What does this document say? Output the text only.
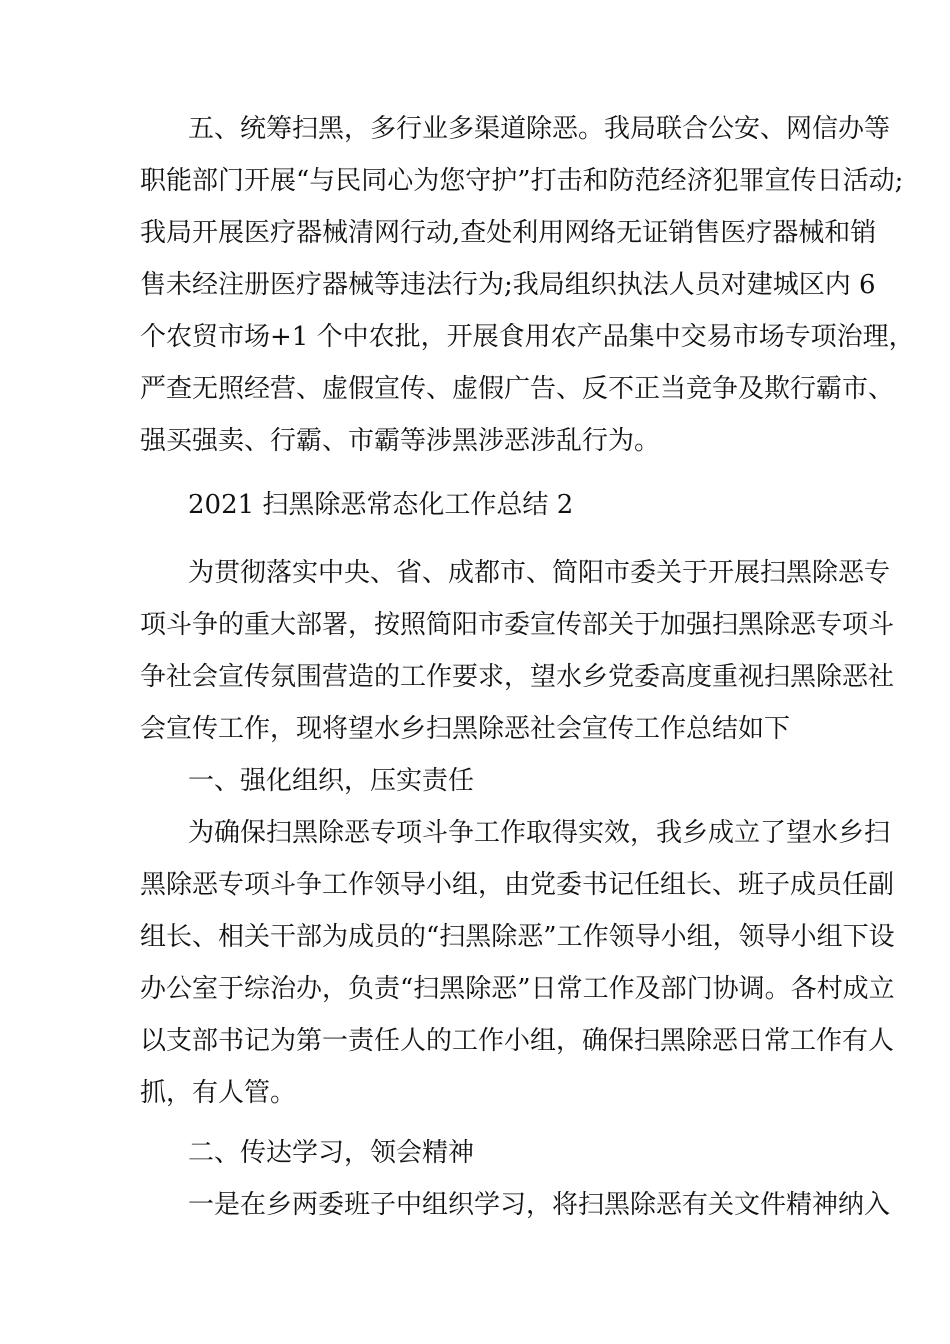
五、统筹扫黑，多行业多渠道除恶。我局联合公安、网信办等
职能部门开展“与民同心为您守护”打击和防范经济犯罪宣传日活动;
我局开展医疗器械清网行动,查处利用网络无证销售医疗器械和销
售未经注册医疗器械等违法行为;我局组织执法人员对建城区内 6
个农贸市场+1 个中农批，开展食用农产品集中交易市场专项治理，
严查无照经营、虚假宣传、虚假广告、反不正当竞争及欺行霸市、
强买强卖、行霸、市霸等涉黑涉恶涉乱行为。
2021 扫黑除恶常态化工作总结 2
为贯彻落实中央、省、成都市、简阳市委关于开展扫黑除恶专
项斗争的重大部署，按照简阳市委宣传部关于加强扫黑除恶专项斗
争社会宣传氛围营造的工作要求，望水乡党委高度重视扫黑除恶社
会宣传工作，现将望水乡扫黑除恶社会宣传工作总结如下
一、强化组织，压实责任
为确保扫黑除恶专项斗争工作取得实效，我乡成立了望水乡扫
黑除恶专项斗争工作领导小组，由党委书记任组长、班子成员任副
组长、相关干部为成员的“扫黑除恶”工作领导小组，领导小组下设
办公室于综治办，负责“扫黑除恶”日常工作及部门协调。各村成立
以支部书记为第一责任人的工作小组，确保扫黑除恶日常工作有人
抓，有人管。
二、传达学习，领会精神
一是在乡两委班子中组织学习，将扫黑除恶有关文件精神纳入
